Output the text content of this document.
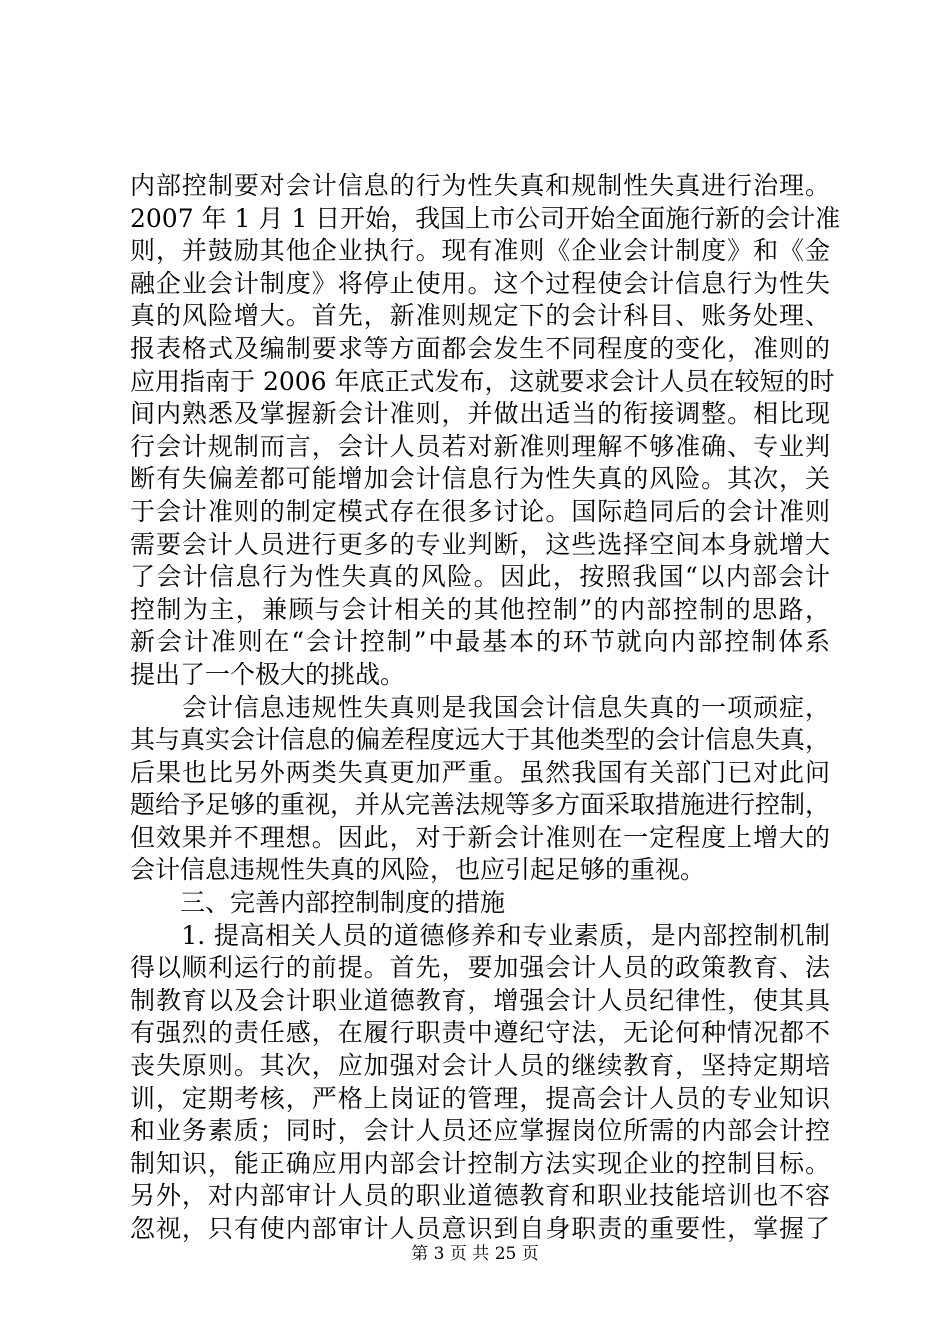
内部控制要对会计信息的行为性失真和规制性失真进行治理。
2007 年 1 月 1 日开始，我国上市公司开始全面施行新的会计准
则，并鼓励其他企业执行。现有准则《企业会计制度》和《金
融企业会计制度》将停止使用。这个过程使会计信息行为性失
真的风险增大。首先，新准则规定下的会计科目、账务处理、
报表格式及编制要求等方面都会发生不同程度的变化，准则的
应用指南于 2006 年底正式发布，这就要求会计人员在较短的时
间内熟悉及掌握新会计准则，并做出适当的衔接调整。相比现
行会计规制而言，会计人员若对新准则理解不够准确、专业判
断有失偏差都可能增加会计信息行为性失真的风险。其次，关
于会计准则的制定模式存在很多讨论。国际趋同后的会计准则
需要会计人员进行更多的专业判断，这些选择空间本身就增大
了会计信息行为性失真的风险。因此，按照我国“以内部会计
控制为主，兼顾与会计相关的其他控制”的内部控制的思路，
新会计准则在“会计控制”中最基本的环节就向内部控制体系
提出了一个极大的挑战。
　　会计信息违规性失真则是我国会计信息失真的一项顽症，
其与真实会计信息的偏差程度远大于其他类型的会计信息失真，
后果也比另外两类失真更加严重。虽然我国有关部门已对此问
题给予足够的重视，并从完善法规等多方面采取措施进行控制，
但效果并不理想。因此，对于新会计准则在一定程度上增大的
会计信息违规性失真的风险，也应引起足够的重视。
　　三、完善内部控制制度的措施
　　1. 提高相关人员的道德修养和专业素质，是内部控制机制
得以顺利运行的前提。首先，要加强会计人员的政策教育、法
制教育以及会计职业道德教育，增强会计人员纪律性，使其具
有强烈的责任感，在履行职责中遵纪守法，无论何种情况都不
丧失原则。其次，应加强对会计人员的继续教育，坚持定期培
训，定期考核，严格上岗证的管理，提高会计人员的专业知识
和业务素质；同时，会计人员还应掌握岗位所需的内部会计控
制知识，能正确应用内部会计控制方法实现企业的控制目标。
另外，对内部审计人员的职业道德教育和职业技能培训也不容
忽视，只有使内部审计人员意识到自身职责的重要性，掌握了
第 3 页 共 25 页
